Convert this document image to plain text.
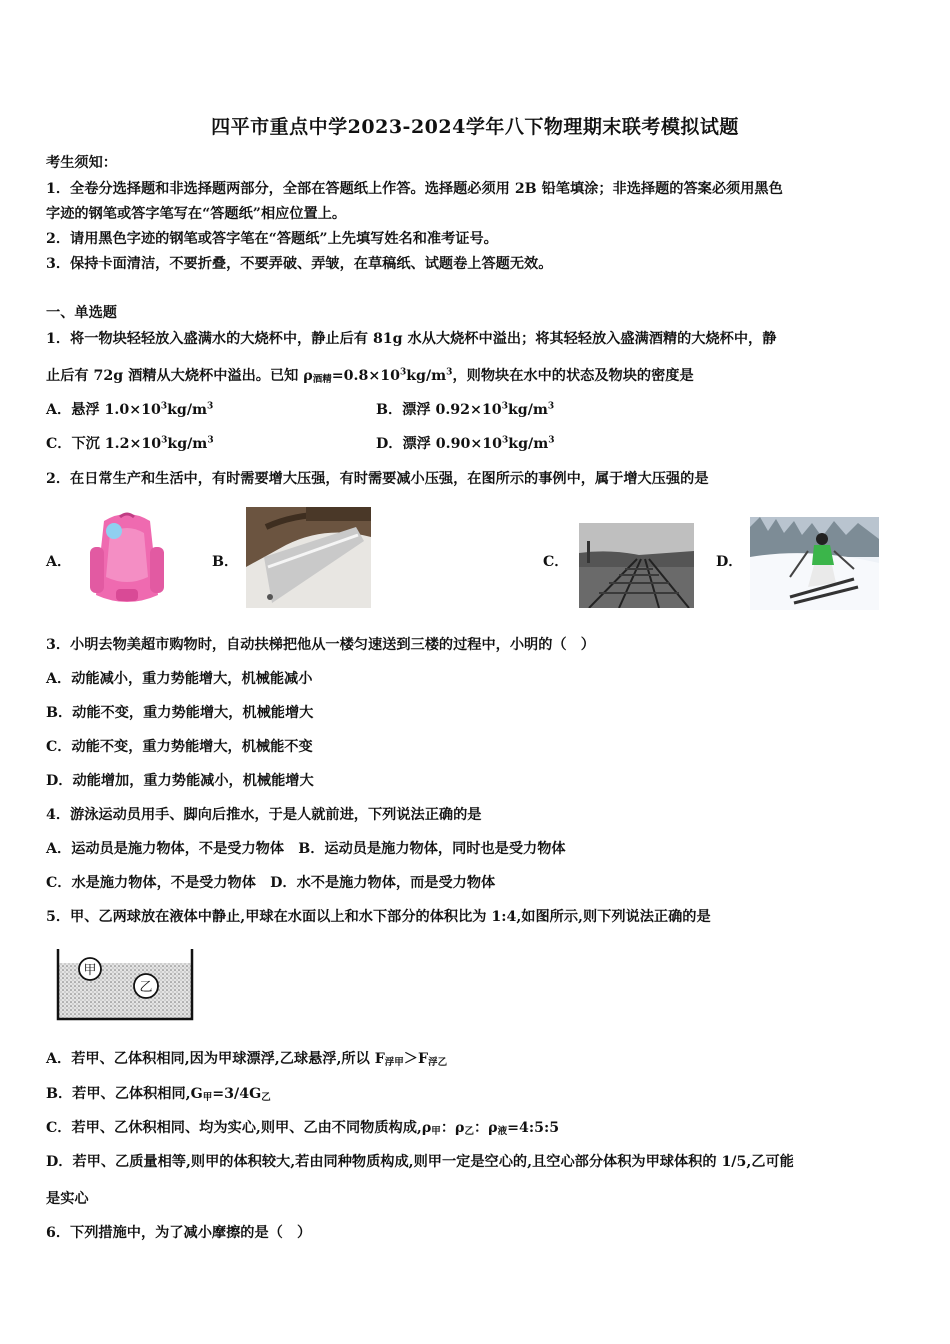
四平市重点中学2023-2024学年八下物理期末联考模拟试题
考生须知：
1．全卷分选择题和非选择题两部分，全部在答题纸上作答。选择题必须用 2B 铅笔填涂；非选择题的答案必须用黑色
字迹的钢笔或答字笔写在“答题纸”相应位置上。
2．请用黑色字迹的钢笔或答字笔在“答题纸”上先填写姓名和准考证号。
3．保持卡面清洁，不要折叠，不要弄破、弄皱，在草稿纸、试题卷上答题无效。
一、单选题
1．将一物块轻轻放入盛满水的大烧杯中，静止后有 81g 水从大烧杯中溢出；将其轻轻放入盛满酒精的大烧杯中，静
止后有 72g 酒精从大烧杯中溢出。已知 ρ酒精$=0.8\times 10^3kg/m^3$，则物块在水中的状态及物块的密度是
A．悬浮 $1.0\times 10^3kg/m^3$	B．漂浮 $0.92\times 10^3kg/m^3$
C．下沉 $1.2\times 10^3kg/m^3$	D．漂浮 $0.90\times 10^3kg/m^3$
2．在日常生产和生活中，有时需要增大压强，有时需要减小压强，在图所示的事例中，属于增大压强的是
A．	B．	C．	D．
3．小明去物美超市购物时，自动扶梯把他从一楼匀速送到三楼的过程中，小明的（　）
A．动能减小，重力势能增大，机械能减小
B．动能不变，重力势能增大，机械能增大
C．动能不变，重力势能增大，机械能不变
D．动能增加，重力势能减小，机械能增大
4．游泳运动员用手、脚向后推水，于是人就前进，下列说法正确的是
A．运动员是施力物体，不是受力物体　B．运动员是施力物体，同时也是受力物体
C．水是施力物体，不是受力物体　D．水不是施力物体，而是受力物体
5．甲、乙两球放在液体中静止,甲球在水面以上和水下部分的体积比为 1:4,如图所示,则下列说法正确的是
甲
乙
A．若甲、乙体积相同,因为甲球漂浮,乙球悬浮,所以 F浮甲＞F浮乙
B．若甲、乙体积相同,G甲=3/4G乙
C．若甲、乙休积相同、均为实心,则甲、乙由不同物质构成,ρ甲：ρ乙：ρ液=4:5:5
D．若甲、乙质量相等,则甲的体积较大,若由同种物质构成,则甲一定是空心的,且空心部分体积为甲球体积的 1/5,乙可能
是实心
6．下列措施中，为了减小摩擦的是（　）
